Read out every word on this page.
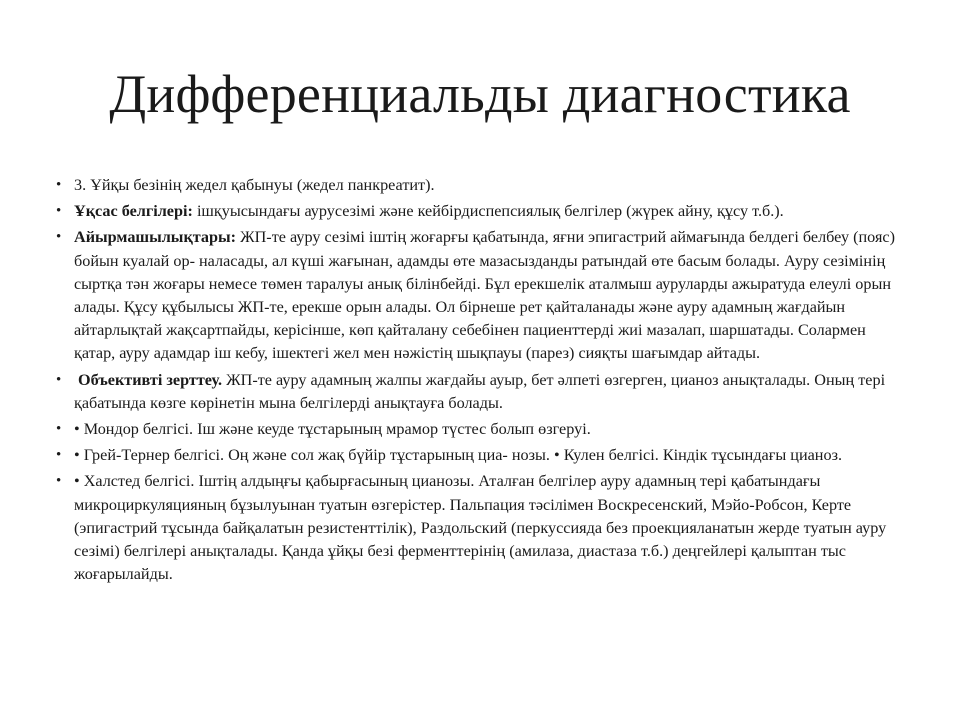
Дифференциальды диагностика
• 3. Ұйқы безінің жедел қабынуы (жедел панкреатит).
• Ұқсас белгілері: ішқуысындағы аурусезімі және кейбірдиспепсиялық белгілер (жүрек айну, құсу т.б.).
• Айырмашылықтары: ЖП-те ауру сезімі іштің жоғарғы қабатында, яғни эпигастрий аймағында белдегі белбеу (пояс) бойын куалай ор- наласады, ал күші жағынан, адамды өте мазасызданды ратындай өте басым болады. Ауру сезімінің сыртқа тән жоғары немесе төмен таралуы анық білінбейді. Бұл ерекшелік аталмыш ауруларды ажыратуда елеулі орын алады. Құсу құбылысы ЖП-те, ерекше орын алады. Ол бірнеше рет қайталанады және ауру адамның жағдайын айтарлықтай жақсартпайды, керісінше, көп қайталану себебінен пациенттерді жиі мазалап, шаршатады. Солармен қатар, ауру адамдар іш кебу, ішектегі жел мен нәжістің шықпауы (парез) сияқты шағымдар айтады.
• Объективті зерттеу. ЖП-те ауру адамның жалпы жағдайы ауыр, бет әлпеті өзгерген, цианоз анықталады. Оның тері қабатында көзге көрінетін мына белгілерді анықтауға болады.
• • Мондор белгісі. Іш және кеуде тұстарының мрамор түстес болып өзгеруі.
• • Грей-Тернер белгісі. Оң және сол жақ бүйір тұстарының циа- нозы. • Кулен белгісі. Кіндік тұсындағы цианоз.
• • Халстед белгісі. Іштің алдыңғы қабырғасының цианозы. Аталған белгілер ауру адамның тері қабатындағы микроциркуляцияның бұзылуынан туатын өзгерістер. Пальпация тәсілімен Воскресенский, Мэйо-Робсон, Керте (эпигастрий тұсында байқалатын резистенттілік), Раздольский (перкуссияда без проекцияланатын жерде туатын ауру сезімі) белгілері анықталады. Қанда ұйқы безі ферменттерінің (амилаза, диастаза т.б.) деңгейлері қалыптан тыс жоғарылайды.
